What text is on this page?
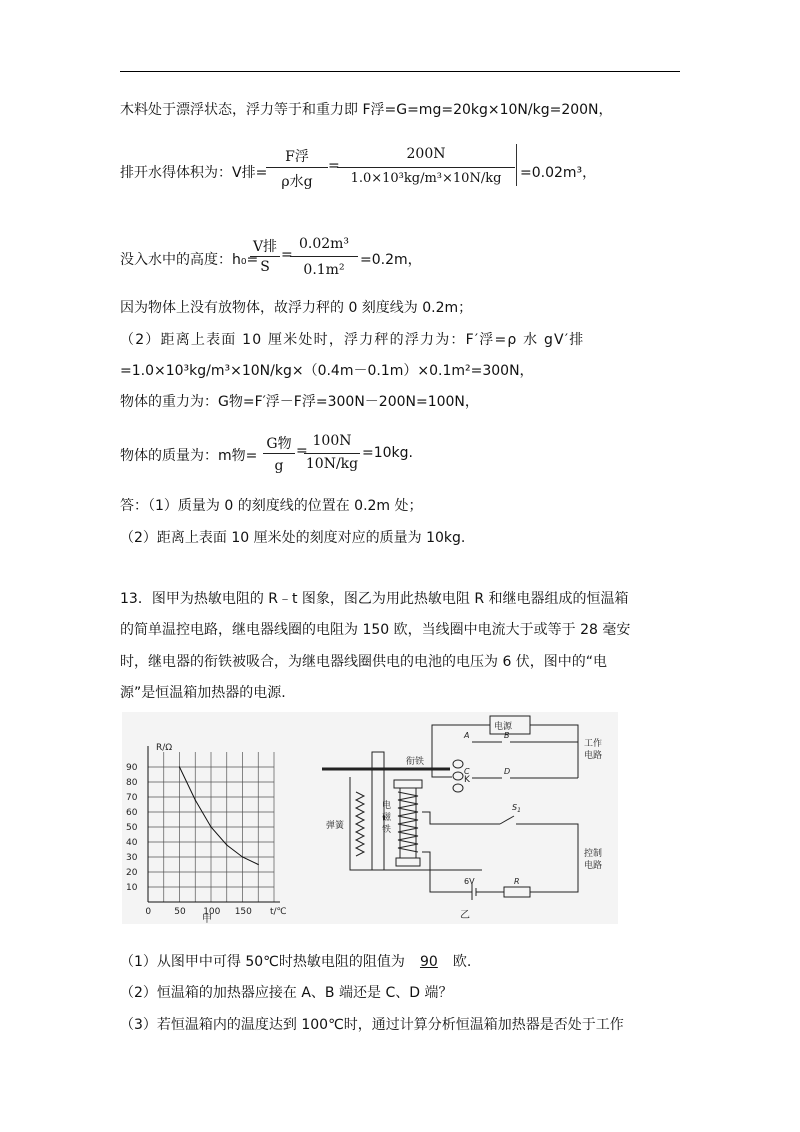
木料处于漂浮状态，浮力等于和重力即 F浮=G=mg=20kg×10N/kg=200N，
排开水得体积为：V排=
F浮
ρ水g
=
200N
1.0×10³kg/m³×10N/kg	=0.02m³，
没入水中的高度：h₀=
V排
S
=
0.02m³
0.1m²
=0.2m，
因为物体上没有放物体，故浮力秤的 0 刻度线为 0.2m；
（2）距离上表面 10 厘米处时，浮力秤的浮力为：F′浮=ρ 水 gV′排
=1.0×10³kg/m³×10N/kg×（0.4m－0.1m）×0.1m²=300N，
物体的重力为：G物=F′浮－F浮=300N－200N=100N，
物体的质量为：m物=
G物
g
=
100N
10N/kg
=10kg.
答：（1）质量为 0 的刻度线的位置在 0.2m 处；
（2）距离上表面 10 厘米处的刻度对应的质量为 10kg.
13．图甲为热敏电阻的 R﹣t 图象，图乙为用此热敏电阻 R 和继电器组成的恒温箱
的简单温控电路，继电器线圈的电阻为 150 欧，当线圈中电流大于或等于 28 毫安
时，继电器的衔铁被吸合，为继电器线圈供电的电池的电压为 6 伏，图中的“电
源”是恒温箱加热器的电源.
90
80
70
60
50
40
30
20
10
0	50 100 150
R/Ω
t/℃
甲
电源
A	B
C	D
工作
电路
衔铁
K
弹簧
电
磁
铁
$S_1$
控制
电路
6V	R
乙
（1）从图甲中可得 50℃时热敏电阻的阻值为 90 欧.
（2）恒温箱的加热器应接在 A、B 端还是 C、D 端？
（3）若恒温箱内的温度达到 100℃时，通过计算分析恒温箱加热器是否处于工作
